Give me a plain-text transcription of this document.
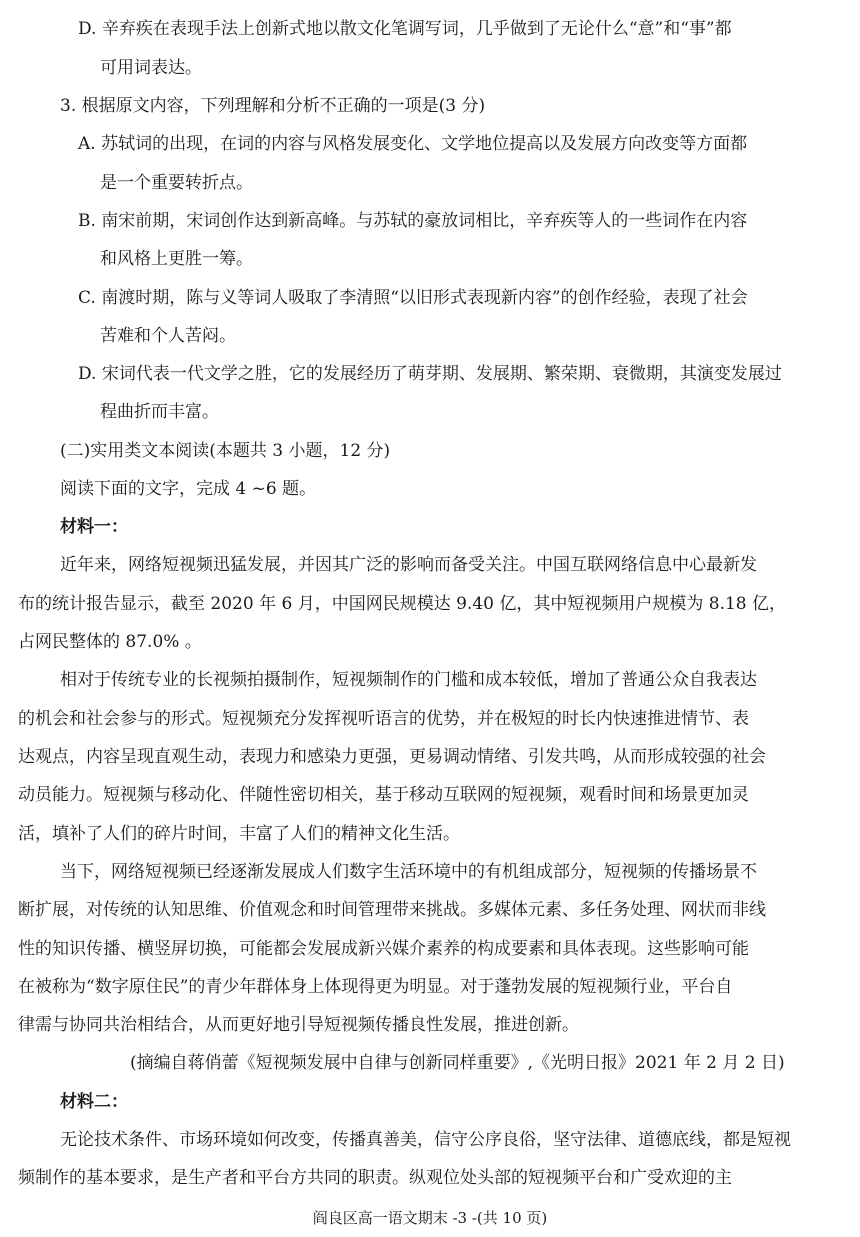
D. 辛弃疾在表现手法上创新式地以散文化笔调写词，几乎做到了无论什么“意”和“事”都
可用词表达。
3. 根据原文内容，下列理解和分析不正确的一项是(3 分)
A. 苏轼词的出现，在词的内容与风格发展变化、文学地位提高以及发展方向改变等方面都
是一个重要转折点。
B. 南宋前期，宋词创作达到新高峰。与苏轼的豪放词相比，辛弃疾等人的一些词作在内容
和风格上更胜一筹。
C. 南渡时期，陈与义等词人吸取了李清照“以旧形式表现新内容”的创作经验，表现了社会
苦难和个人苦闷。
D. 宋词代表一代文学之胜，它的发展经历了萌芽期、发展期、繁荣期、衰微期，其演变发展过
程曲折而丰富。
(二)实用类文本阅读(本题共 3 小题，12 分)
阅读下面的文字，完成 4 ~6 题。
材料一：
近年来，网络短视频迅猛发展，并因其广泛的影响而备受关注。中国互联网络信息中心最新发
布的统计报告显示，截至 2020 年 6 月，中国网民规模达 9.40 亿，其中短视频用户规模为 8.18 亿，
占网民整体的 87.0% 。
相对于传统专业的长视频拍摄制作，短视频制作的门槛和成本较低，增加了普通公众自我表达
的机会和社会参与的形式。短视频充分发挥视听语言的优势，并在极短的时长内快速推进情节、表
达观点，内容呈现直观生动，表现力和感染力更强，更易调动情绪、引发共鸣，从而形成较强的社会
动员能力。短视频与移动化、伴随性密切相关，基于移动互联网的短视频，观看时间和场景更加灵
活，填补了人们的碎片时间，丰富了人们的精神文化生活。
当下，网络短视频已经逐渐发展成人们数字生活环境中的有机组成部分，短视频的传播场景不
断扩展，对传统的认知思维、价值观念和时间管理带来挑战。多媒体元素、多任务处理、网状而非线
性的知识传播、横竖屏切换，可能都会发展成新兴媒介素养的构成要素和具体表现。这些影响可能
在被称为“数字原住民”的青少年群体身上体现得更为明显。对于蓬勃发展的短视频行业，平台自
律需与协同共治相结合，从而更好地引导短视频传播良性发展，推进创新。
(摘编自蒋俏蕾《短视频发展中自律与创新同样重要》,《光明日报》2021 年 2 月 2 日)
材料二：
无论技术条件、市场环境如何改变，传播真善美，信守公序良俗，坚守法律、道德底线，都是短视
频制作的基本要求，是生产者和平台方共同的职责。纵观位处头部的短视频平台和广受欢迎的主
阎良区高一语文期末 -3 -(共 10 页)
